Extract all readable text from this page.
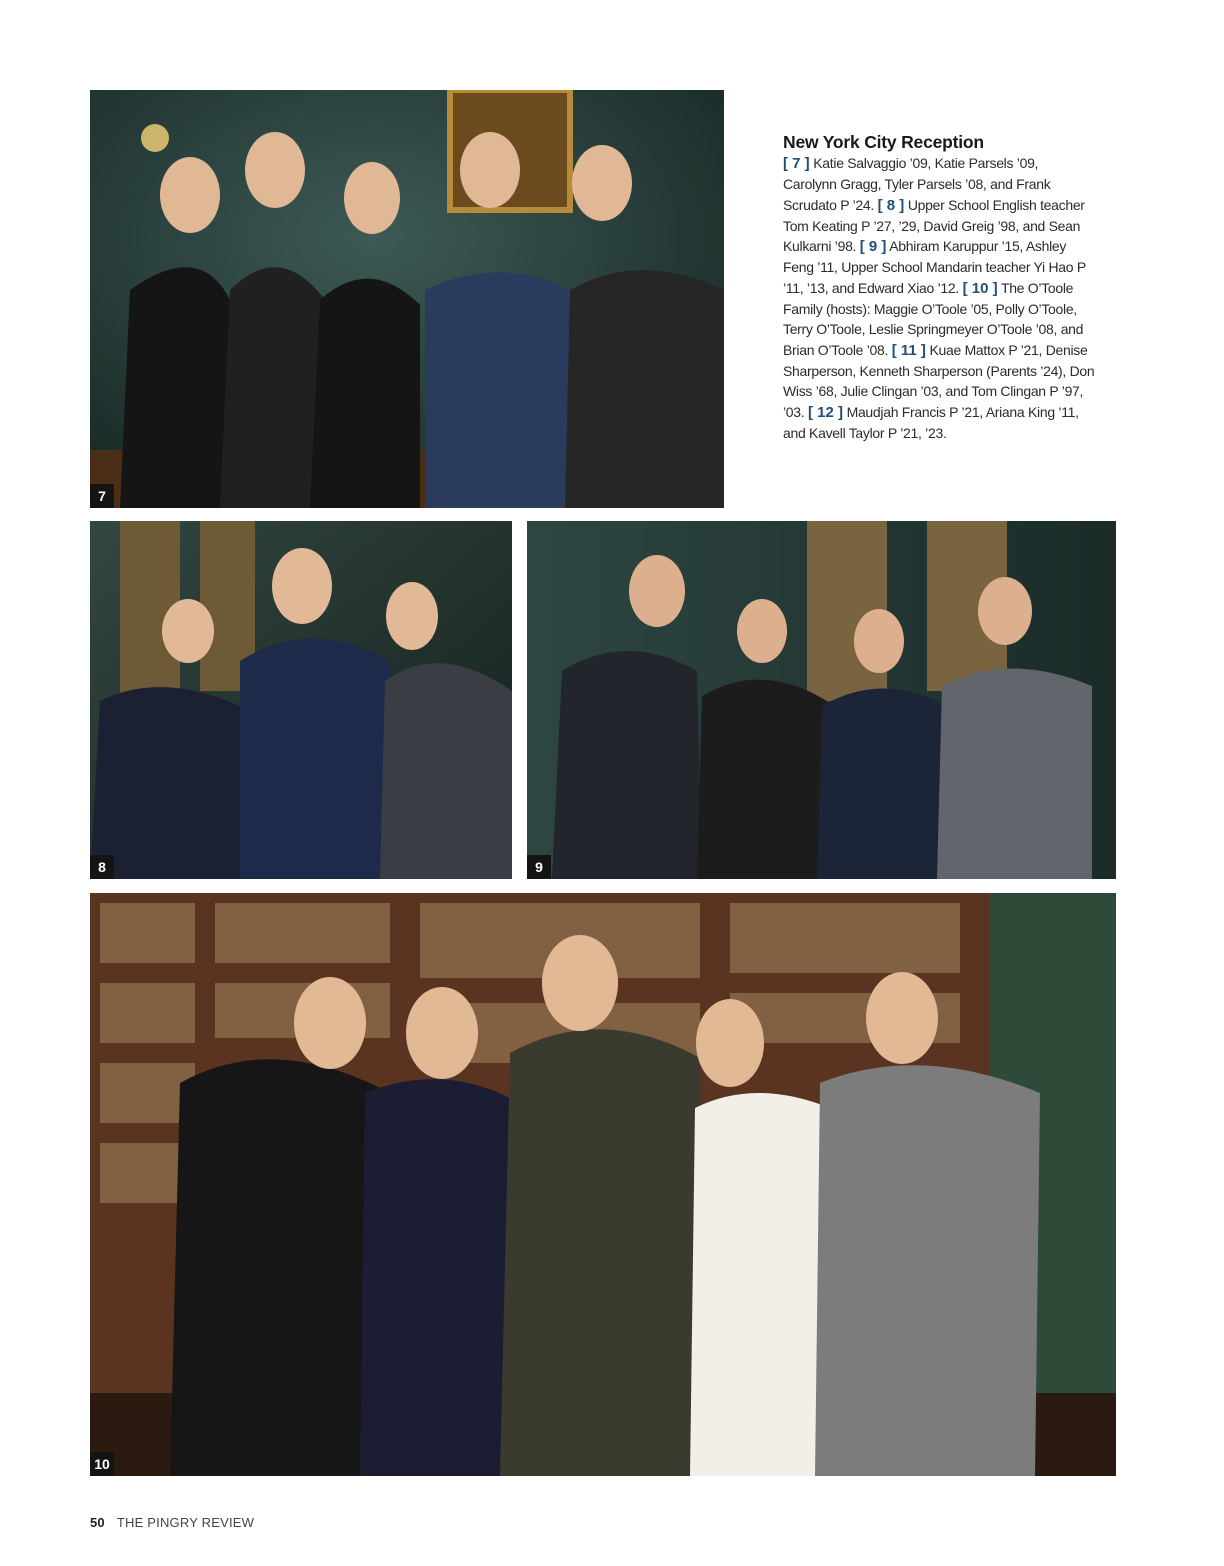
7
New York City Reception

[ 7 ] Katie Salvaggio ’09, Katie Parsels ’09, Carolynn Gragg, Tyler Parsels ’08, and Frank Scrudato P ’24. [ 8 ] Upper School English teacher Tom Keating P ’27, ’29, David Greig ’98, and Sean Kulkarni ’98. [ 9 ] Abhiram Karuppur ’15, Ashley Feng ’11, Upper School Mandarin teacher Yi Hao P ’11, ’13, and Edward Xiao ’12. [ 10 ] The O’Toole Family (hosts): Maggie O’Toole ’05, Polly O’Toole, Terry O’Toole, Leslie Springmeyer O’Toole ’08, and Brian O’Toole ’08. [ 11 ] Kuae Mattox P ’21, Denise Sharperson, Kenneth Sharperson (Parents ’24), Don Wiss ’68, Julie Clingan ’03, and Tom Clingan P ’97, ’03. [ 12 ] Maudjah Francis P ’21, Ariana King ’11, and Kavell Taylor P ’21, ’23.

8	9
10
50 THE PINGRY REVIEW
